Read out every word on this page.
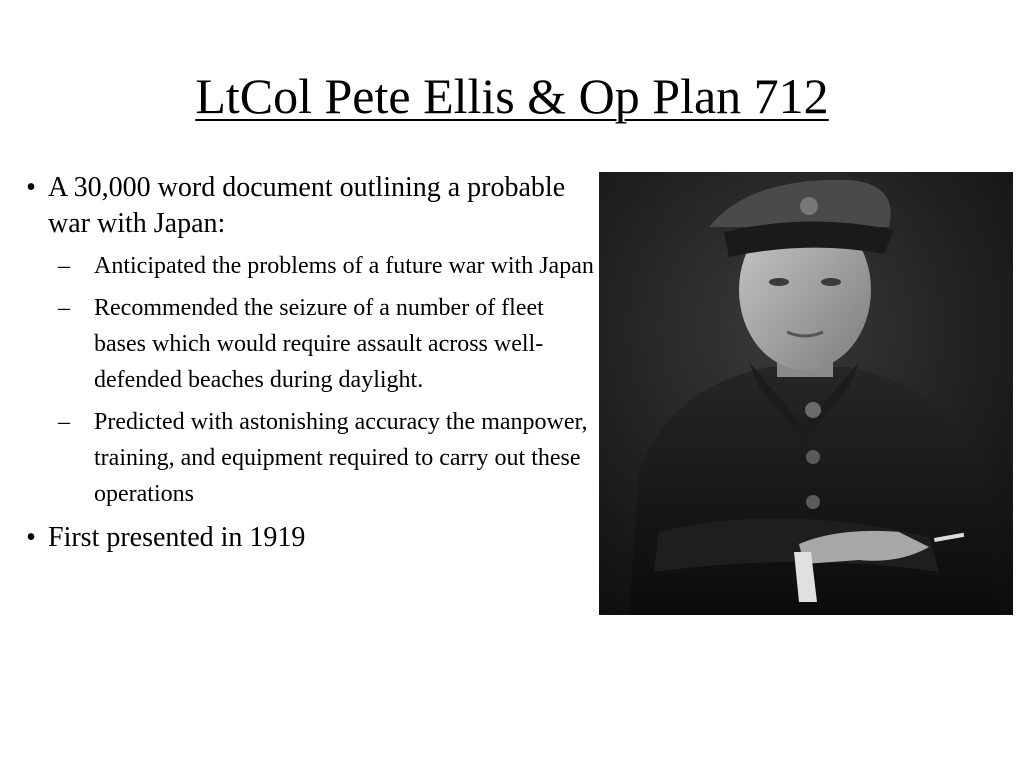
LtCol Pete Ellis & Op Plan 712
• A 30,000 word document outlining a probable war with Japan:
–	Anticipated the problems of a future war with Japan
–	Recommended the seizure of a number of fleet bases which would require assault across well-defended beaches during daylight.
–	Predicted with astonishing accuracy the manpower, training, and equipment required to carry out these operations
• First presented in 1919
